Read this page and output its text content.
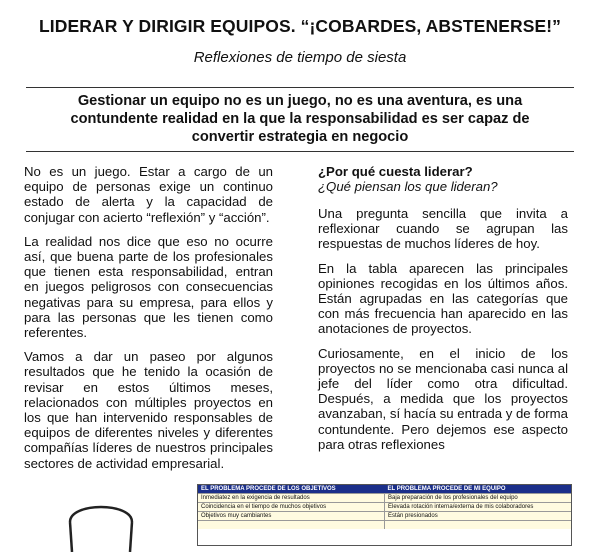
LIDERAR Y DIRIGIR EQUIPOS. “¡COBARDES, ABSTENERSE!”
Reflexiones de tiempo de siesta
Gestionar un equipo no es un juego, no es una aventura, es una contundente realidad en la que la responsabilidad es ser capaz de convertir estrategia en negocio

No es un juego. Estar a cargo de un equipo de personas exige un continuo estado de alerta y la capacidad de conjugar con acierto “reflexión” y “acción”.

La realidad nos dice que eso no ocurre así, que buena parte de los profesionales que tienen esta responsabilidad, entran en juegos peligrosos con consecuencias negativas para su empresa, para ellos y para las personas que les tienen como referentes.

Vamos a dar un paseo por algunos resultados que he tenido la ocasión de revisar en estos últimos meses, relacionados con múltiples proyectos en los que han intervenido responsables de equipos de diferentes niveles y diferentes compañías líderes de nuestros principales sectores de actividad empresarial.

¿Por qué cuesta liderar?
¿Qué piensan los que lideran?

Una pregunta sencilla que invita a reflexionar cuando se agrupan las respuestas de muchos líderes de hoy.

En la tabla aparecen las principales opiniones recogidas en los últimos años. Están agrupadas en las categorías que con más frecuencia han aparecido en las anotaciones de proyectos.

Curiosamente, en el inicio de los proyectos no se mencionaba casi nunca al jefe del líder como otra dificultad. Después, a medida que los proyectos avanzaban, sí hacía su entrada y de forma contundente. Pero dejemos ese aspecto para otras reflexiones

EL PROBLEMA PROCEDE DE LOS OBJETIVOS	EL PROBLEMA PROCEDE DE MI EQUIPO
Inmediatez en la exigencia de resultados	Baja preparación de los profesionales del equipo
Coincidencia en el tiempo de muchos objetivos	Elevada rotación interna/externa de mis colaboradores
Objetivos muy cambiantes	Están presionados
